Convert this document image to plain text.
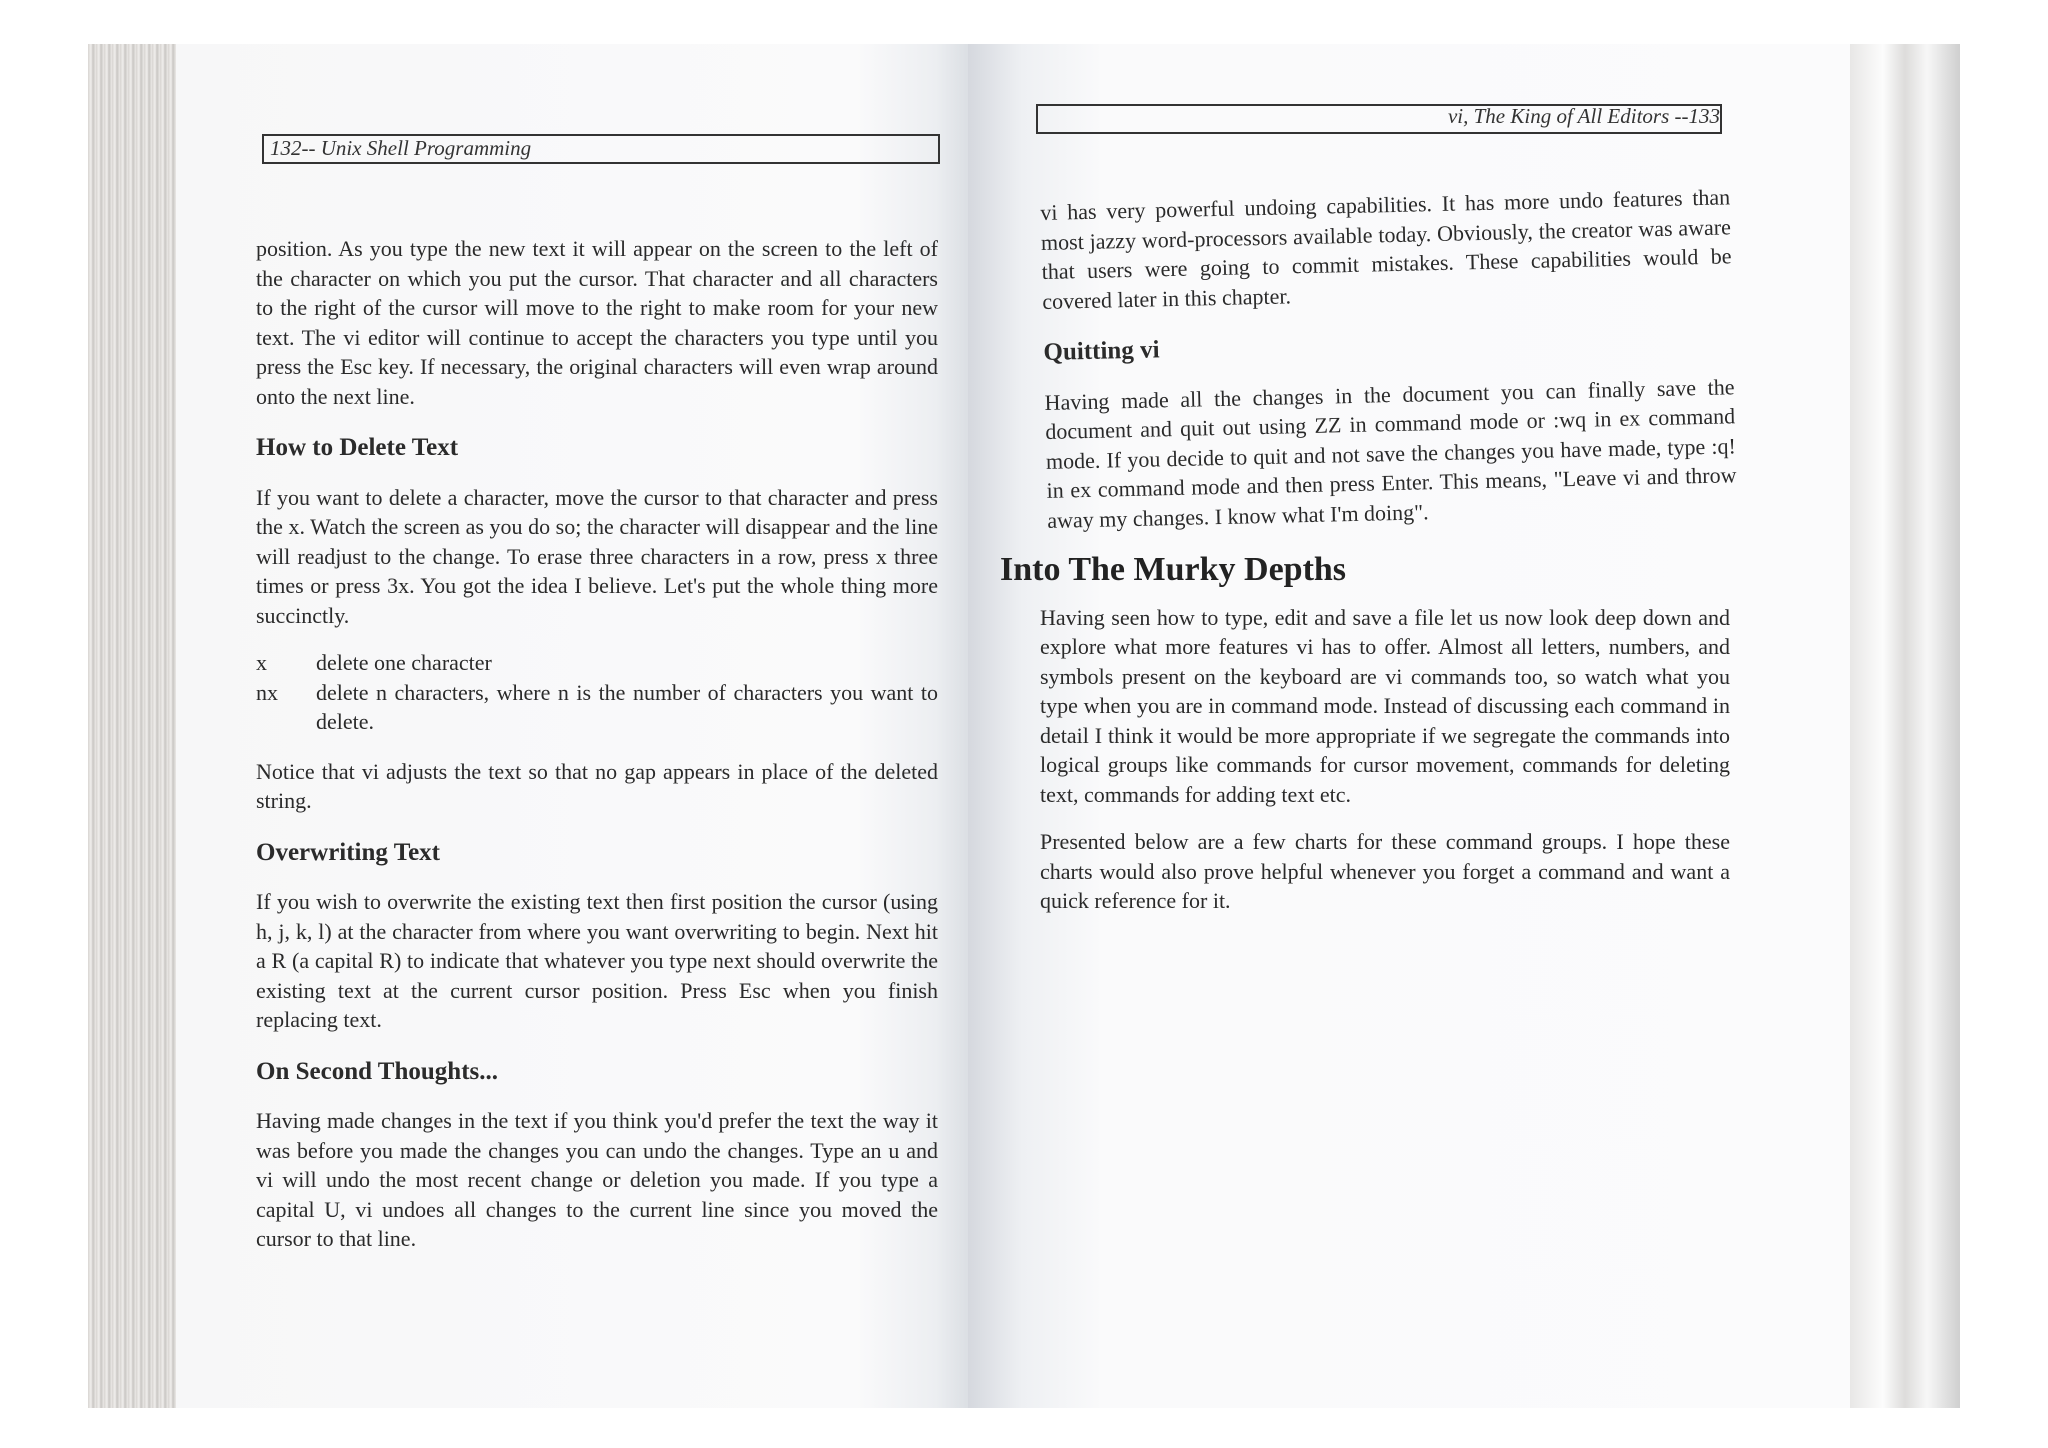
132-- Unix Shell Programming

position. As you type the new text it will appear on the screen to the left of the character on which you put the cursor. That character and all characters to the right of the cursor will move to the right to make room for your new text. The vi editor will continue to accept the characters you type until you press the Esc key. If necessary, the original characters will even wrap around onto the next line.

How to Delete Text

If you want to delete a character, move the cursor to that character and press the x. Watch the screen as you do so; the character will disappear and the line will readjust to the change. To erase three characters in a row, press x three times or press 3x. You got the idea I believe. Let's put the whole thing more succinctly.

x	delete one character
nx	delete n characters, where n is the number of characters you want to delete.

Notice that vi adjusts the text so that no gap appears in place of the deleted string.

Overwriting Text

If you wish to overwrite the existing text then first position the cursor (using h, j, k, l) at the character from where you want overwriting to begin. Next hit a R (a capital R) to indicate that whatever you type next should overwrite the existing text at the current cursor position. Press Esc when you finish replacing text.

On Second Thoughts...

Having made changes in the text if you think you'd prefer the text the way it was before you made the changes you can undo the changes. Type an u and vi will undo the most recent change or deletion you made. If you type a capital U, vi undoes all changes to the current line since you moved the cursor to that line.

vi, The King of All Editors --133

vi has very powerful undoing capabilities. It has more undo features than most jazzy word-processors available today. Obviously, the creator was aware that users were going to commit mistakes. These capabilities would be covered later in this chapter.

Quitting vi

Having made all the changes in the document you can finally save the document and quit out using ZZ in command mode or :wq in ex command mode. If you decide to quit and not save the changes you have made, type :q! in ex command mode and then press Enter. This means, "Leave vi and throw away my changes. I know what I'm doing".

Into The Murky Depths

Having seen how to type, edit and save a file let us now look deep down and explore what more features vi has to offer. Almost all letters, numbers, and symbols present on the keyboard are vi commands too, so watch what you type when you are in command mode. Instead of discussing each command in detail I think it would be more appropriate if we segregate the commands into logical groups like commands for cursor movement, commands for deleting text, commands for adding text etc.

Presented below are a few charts for these command groups. I hope these charts would also prove helpful whenever you forget a command and want a quick reference for it.
